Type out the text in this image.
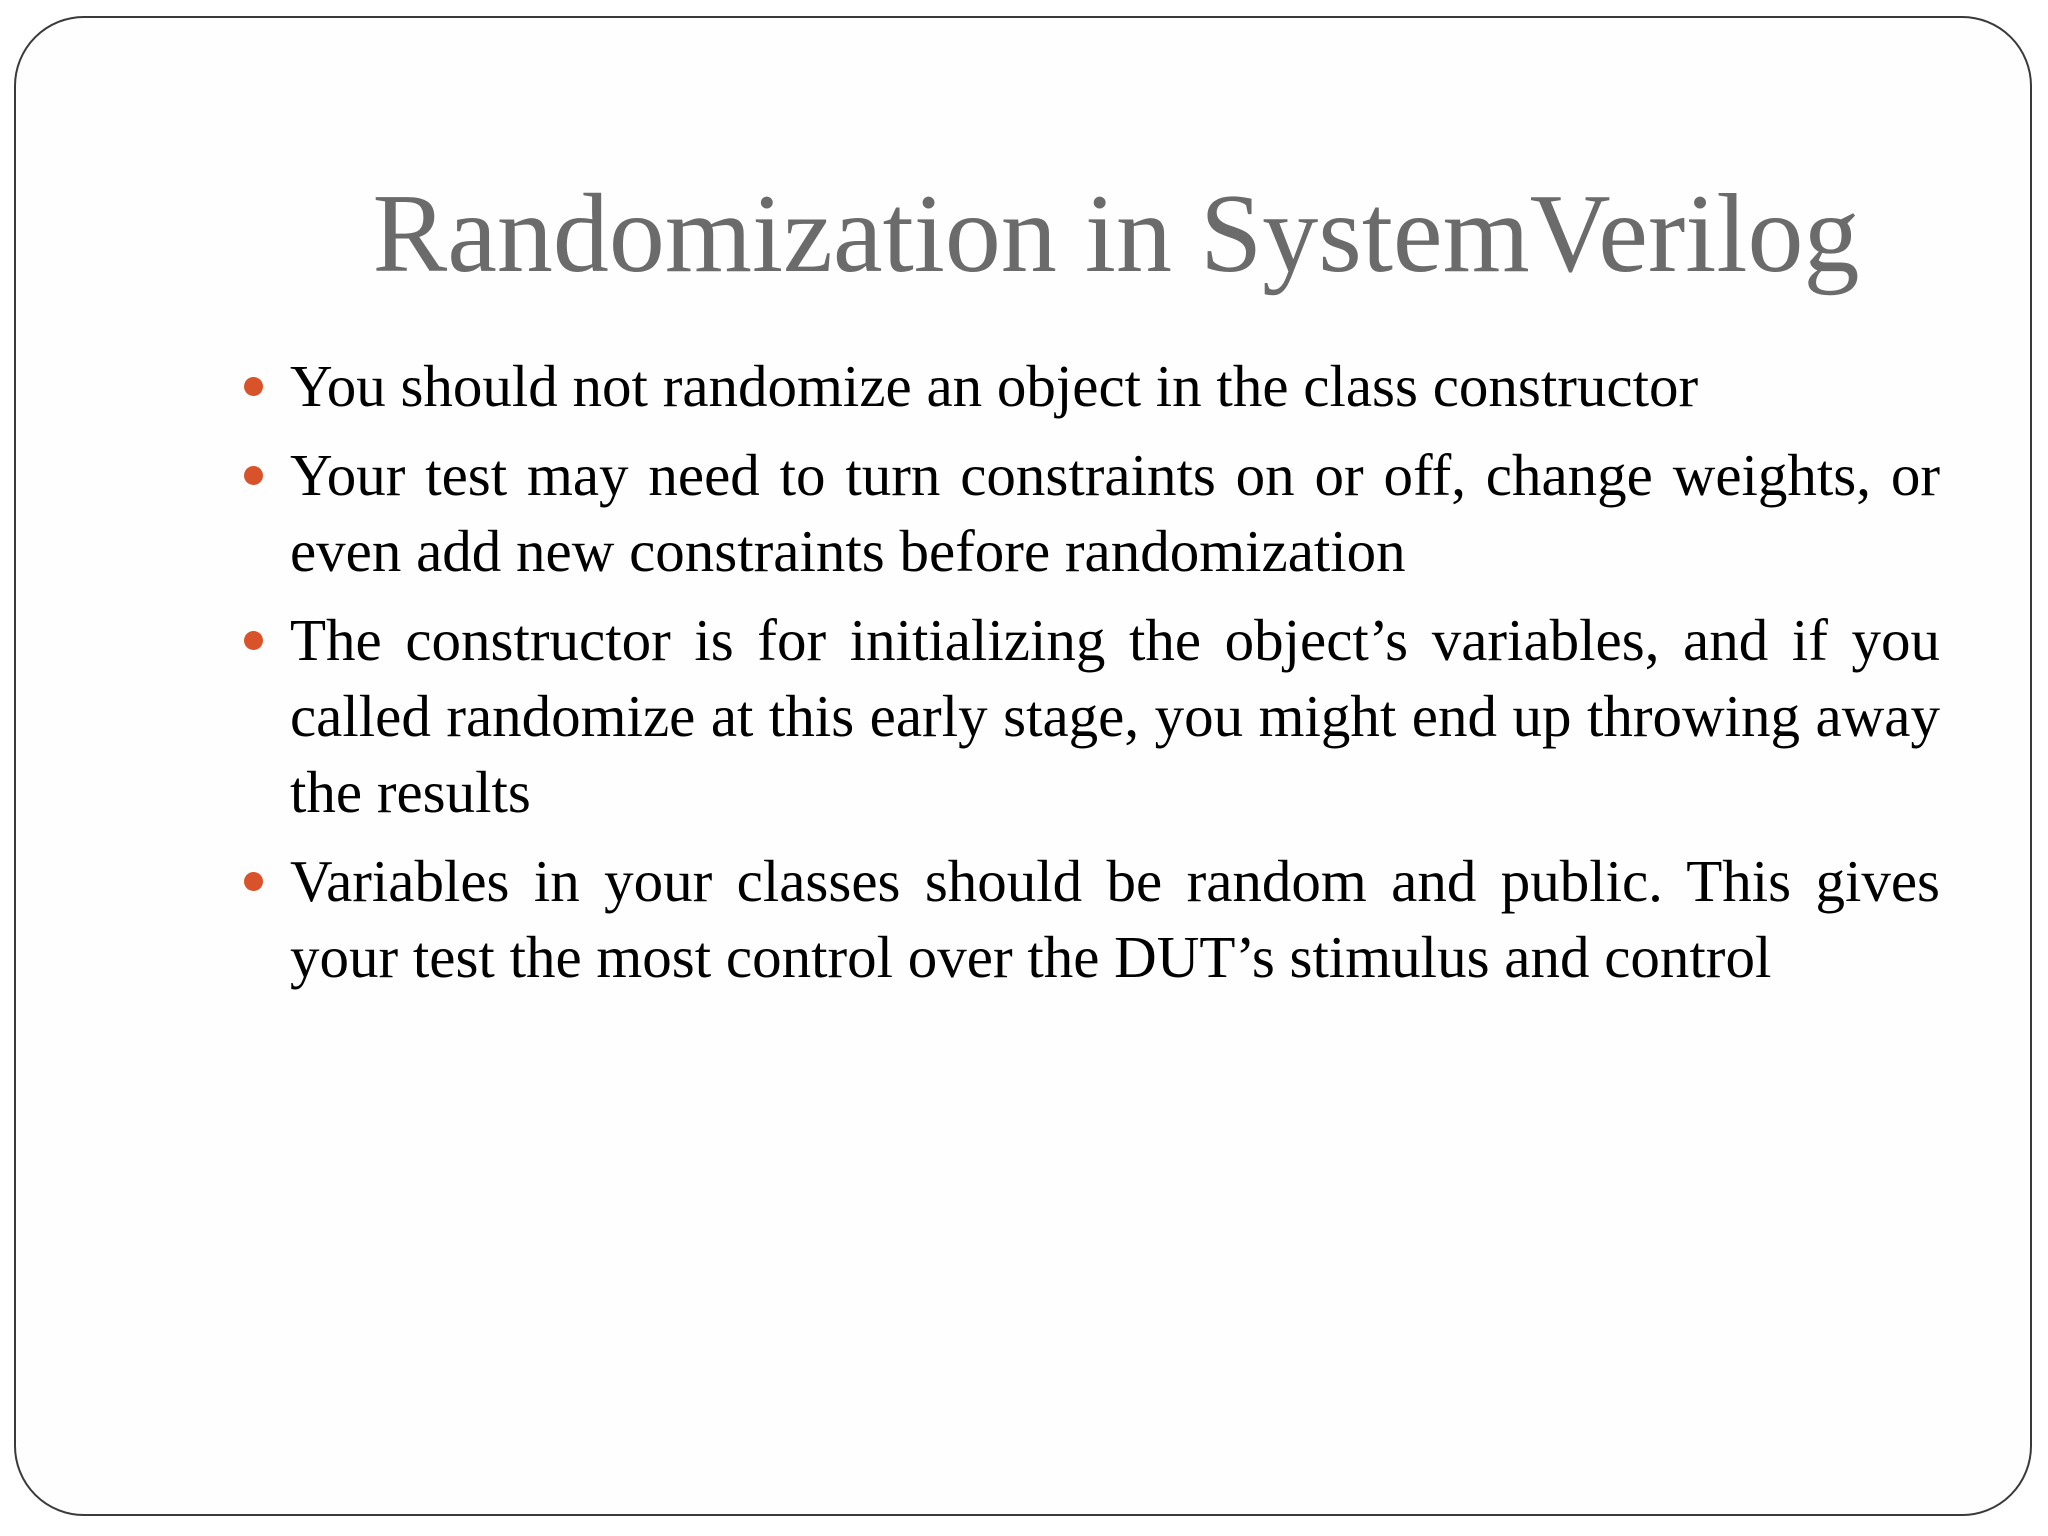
Randomization in SystemVerilog
You should not randomize an object in the class constructor
Your test may need to turn constraints on or off, change weights, or even add new constraints before randomization
The constructor is for initializing the object’s variables, and if you called randomize at this early stage, you might end up throwing away the results
Variables in your classes should be random and public. This gives your test the most control over the DUT’s stimulus and control
